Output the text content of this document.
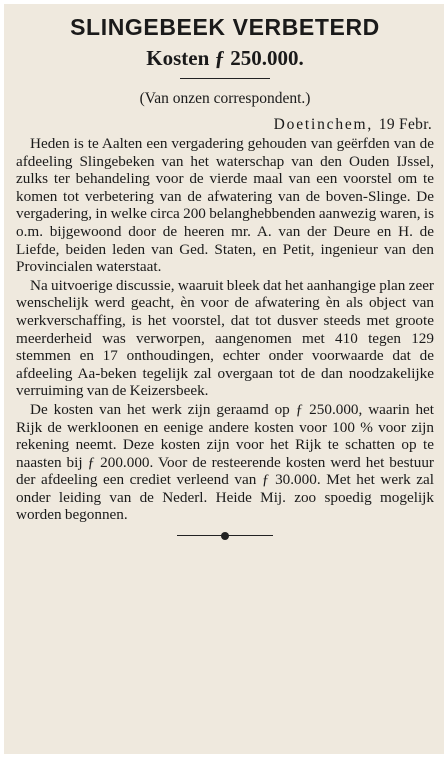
SLINGEBEEK VERBETERD
Kosten ƒ 250.000.
(Van onzen correspondent.)
Doetinchem, 19 Febr.

Heden is te Aalten een vergadering gehouden van geërfden van de afdeeling Slingebeken van het waterschap van den Ouden IJssel, zulks ter behandeling voor de vierde maal van een voorstel om te komen tot verbetering van de afwatering van de boven-Slinge. De vergadering, in welke circa 200 belanghebbenden aanwezig waren, is o.m. bijgewoond door de heeren mr. A. van der Deure en H. de Liefde, beiden leden van Ged. Staten, en Petit, ingenieur van den Provincialen waterstaat.

Na uitvoerige discussie, waaruit bleek dat het aanhangige plan zeer wenschelijk werd geacht, èn voor de afwatering èn als object van werkverschaffing, is het voorstel, dat tot dusver steeds met groote meerderheid was verworpen, aangenomen met 410 tegen 129 stemmen en 17 onthoudingen, echter onder voorwaarde dat de afdeeling Aa-beken tegelijk zal overgaan tot de dan noodzakelijke verruiming van de Keizersbeek.

De kosten van het werk zijn geraamd op ƒ 250.000, waarin het Rijk de werkloonen en eenige andere kosten voor 100 % voor zijn rekening neemt. Deze kosten zijn voor het Rijk te schatten op te naasten bij ƒ 200.000. Voor de resteerende kosten werd het bestuur der afdeeling een crediet verleend van ƒ 30.000. Met het werk zal onder leiding van de Nederl. Heide Mij. zoo spoedig mogelijk worden begonnen.
